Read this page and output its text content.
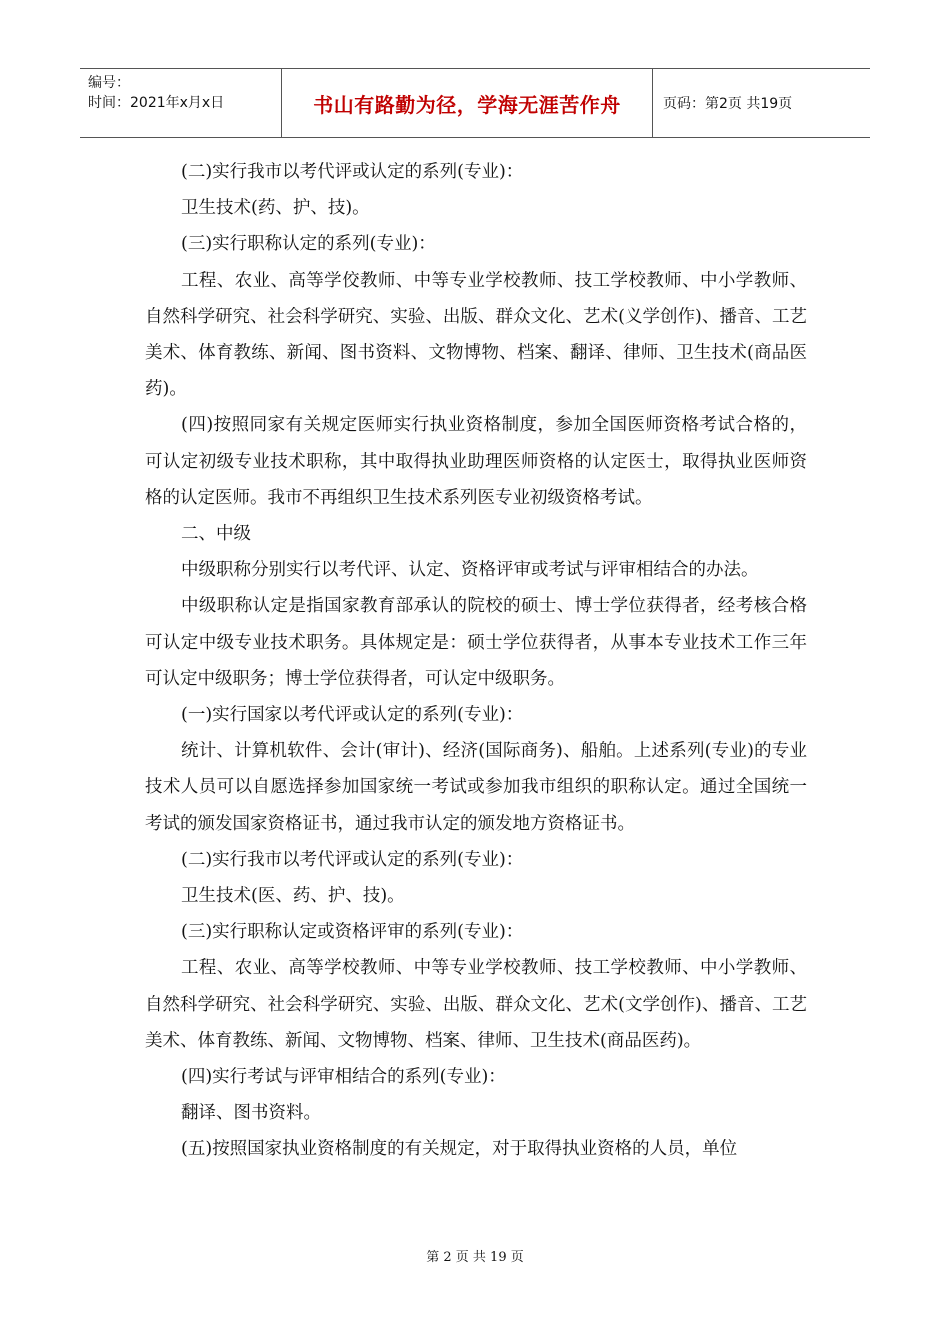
编号：
时间：2021年x月x日	书山有路勤为径，学海无涯苦作舟	页码：第2页 共19页

(二)实行我市以考代评或认定的系列(专业)：

卫生技术(药、护、技)。

(三)实行职称认定的系列(专业)：

工程、农业、高等学佼教师、中等专业学校教师、技工学校教师、中小学教师、自然科学研究、社会科学研究、实验、出版、群众文化、艺术(义学创作)、播音、工艺美术、体育教练、新闻、图书资料、文物博物、档案、翻译、律师、卫生技术(商品医药)。

(四)按照同家有关规定医师实行执业资格制度，参加全国医师资格考试合格的，可认定初级专业技术职称，其中取得执业助理医师资格的认定医士，取得执业医师资格的认定医师。我市不再组织卫生技术系列医专业初级资格考试。

二、中级

中级职称分别实行以考代评、认定、资格评审或考试与评审相结合的办法。

中级职称认定是指国家教育部承认的院校的硕士、博士学位获得者，经考核合格可认定中级专业技术职务。具体规定是：硕士学位获得者，从事本专业技术工作三年可认定中级职务；博士学位获得者，可认定中级职务。

(一)实行国家以考代评或认定的系列(专业)：

统计、计算机软件、会计(审计)、经济(国际商务)、船舶。上述系列(专业)的专业技术人员可以自愿选择参加国家统一考试或参加我市组织的职称认定。通过全国统一考试的颁发国家资格证书，通过我市认定的颁发地方资格证书。

(二)实行我市以考代评或认定的系列(专业)：

卫生技术(医、药、护、技)。

(三)实行职称认定或资格评审的系列(专业)：

工程、农业、高等学校教师、中等专业学校教师、技工学校教师、中小学教师、自然科学研究、社会科学研究、实验、出版、群众文化、艺术(文学创作)、播音、工艺美术、体育教练、新闻、文物博物、档案、律师、卫生技术(商品医药)。

(四)实行考试与评审相结合的系列(专业)：

翻译、图书资料。

(五)按照国家执业资格制度的有关规定，对于取得执业资格的人员，单位

第 2 页 共 19 页
